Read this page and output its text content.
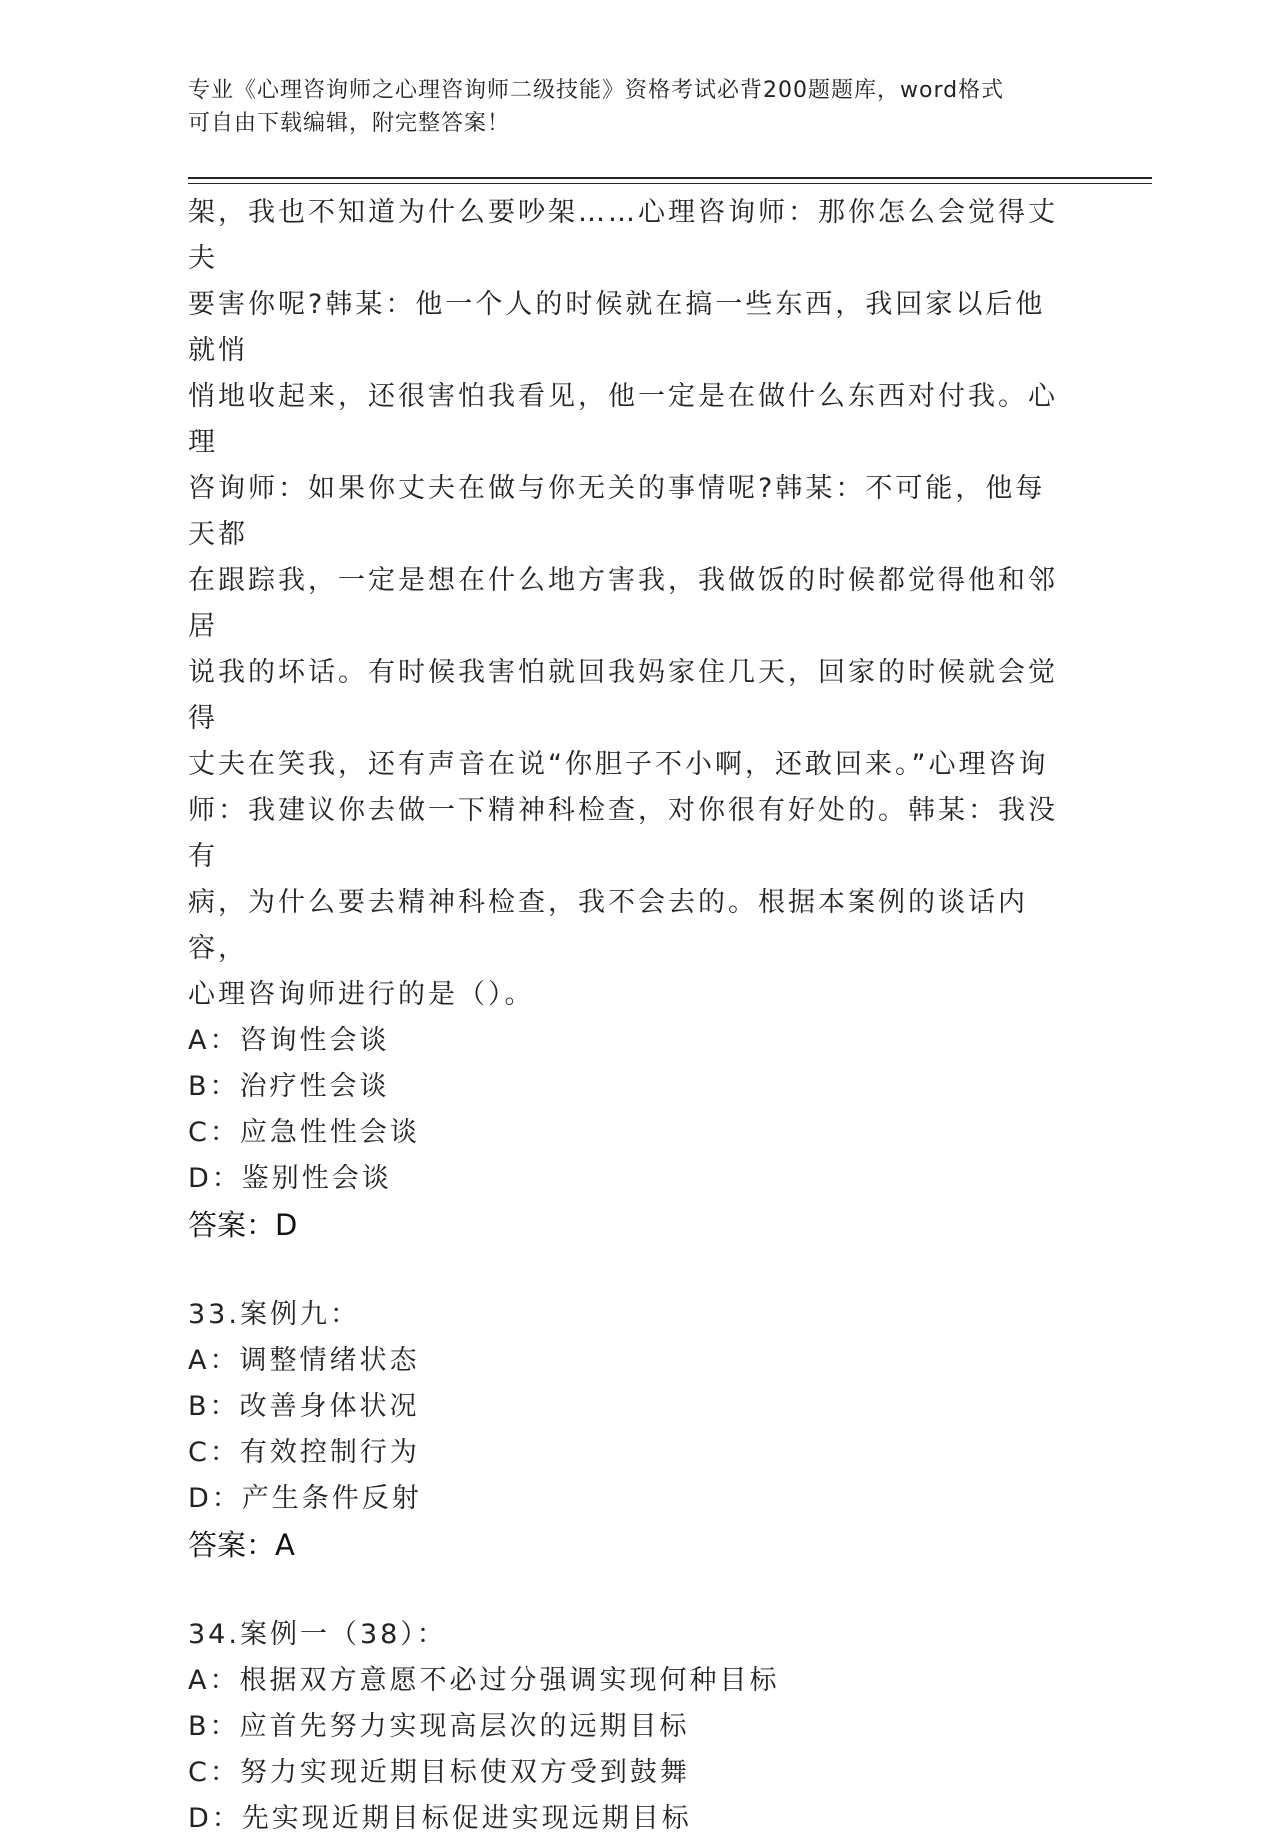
专业《心理咨询师之心理咨询师二级技能》资格考试必背200题题库，word格式
可自由下载编辑，附完整答案！

架，我也不知道为什么要吵架……心理咨询师：那你怎么会觉得丈夫

要害你呢?韩某：他一个人的时候就在搞一些东西，我回家以后他就悄

悄地收起来，还很害怕我看见，他一定是在做什么东西对付我。心理

咨询师：如果你丈夫在做与你无关的事情呢?韩某：不可能，他每天都

在跟踪我，一定是想在什么地方害我，我做饭的时候都觉得他和邻居

说我的坏话。有时候我害怕就回我妈家住几天，回家的时候就会觉得

丈夫在笑我，还有声音在说“你胆子不小啊，还敢回来。”心理咨询

师：我建议你去做一下精神科检查，对你很有好处的。韩某：我没有

病，为什么要去精神科检查，我不会去的。根据本案例的谈话内容，

心理咨询师进行的是（）。

A：咨询性会谈

B：治疗性会谈

C：应急性性会谈

D：鉴别性会谈

答案：D

33.案例九：

A：调整情绪状态

B：改善身体状况

C：有效控制行为

D：产生条件反射

答案：A

34.案例一（38）：

A：根据双方意愿不必过分强调实现何种目标

B：应首先努力实现高层次的远期目标

C：努力实现近期目标使双方受到鼓舞

D：先实现近期目标促进实现远期目标
